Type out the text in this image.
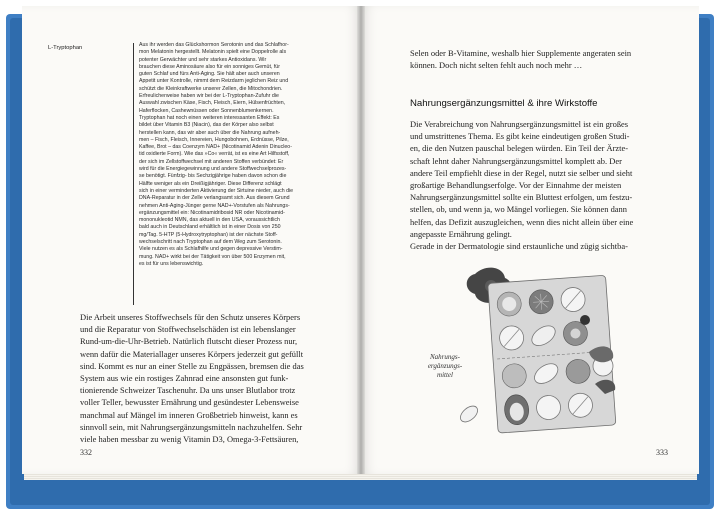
L-Tryptophan	Aus ihr werden das Glückshormon Serotonin und das Schlafhor-
mon Melatonin hergestellt. Melatonin spielt eine Doppelrolle als
potenter Gerwächter und sehr starkes Antioxidans. Wir
brauchen diese Aminosäure also für ein sonniges Gemüt, für
guten Schlaf und fürs Anti-Aging. Sie hält aber auch unseren
Appetit unter Kontrolle, nimmt dem Reizdarm jeglichen Reiz und
schützt die Kleinkraftwerke unserer Zellen, die Mitochondrien.
Erfreulicherweise haben wir bei der L-Tryptophan-Zufuhr die
Auswahl zwischen Käse, Fisch, Fleisch, Eiern, Hülsenfrüchten,
Haferflocken, Cashewnüssen oder Sonnenblumenkernen.
Tryptophan hat noch einen weiteren interessanten Effekt: Es
bildet über Vitamin B3 (Niacin), das der Körper also selbst
herstellen kann, das wir aber auch über die Nahrung aufneh-
men – Fisch, Fleisch, Innereien, Hungobohnen, Erdnüsse, Pilze,
Kaffee, Brot – das Coenzym NAD+ (Nicotinamid Adenin Dinucleo-
tid oxidierte Form). Wie das »Co« verrät, ist es eine Art Hilfsstoff,
der sich im Zellstoffwechsel mit anderen Stoffen verbündet: Er
wird für die Energiegewinnung und andere Stoffwechselprozes-
se benötigt. Fünfzig- bis Sechzigjährige haben davon schon die
Hälfte weniger als ein Dreißigjähriger. Diese Differenz schlägt
sich in einer verminderten Aktivierung der Sirtuine nieder, auch die
DNA-Reparatur in der Zelle verlangsamt sich. Aus diesem Grund
nehmen Anti-Aging-Jünger gerne NAD+-Vorstufen als Nahrungs-
ergänzungsmittel ein: Nicotinamidribosid NR oder Nicotinamid-
mononukleotid NMN, das aktuell in den USA, voraussichtlich
bald auch in Deutschland erhältlich ist in einer Dosis von 250
mg/Tag. 5-HTP (5-Hydroxytryptophan) ist der nächste Stoff-
wechselschritt nach Tryptophan auf dem Weg zum Serotonin.
Viele nutzen es als Schlafhilfe und gegen depressive Verstim-
mung. NAD+ wirkt bei der Tätigkeit von über 500 Enzymen mit,
es ist für uns lebenswichtig.
Die Arbeit unseres Stoffwechsels für den Schutz unseres Körpers
und die Reparatur von Stoffwechselschäden ist ein lebenslanger
Rund-um-die-Uhr-Betrieb. Natürlich flutscht dieser Prozess nur,
wenn dafür die Materiallager unseres Körpers jederzeit gut gefüllt
sind. Kommt es nur an einer Stelle zu Engpässen, bremsen die das
System aus wie ein rostiges Zahnrad eine ansonsten gut funk-
tionierende Schweizer Taschenuhr. Da uns unser Blutlabor trotz
voller Teller, bewusster Ernährung und gesündester Lebensweise
manchmal auf Mängel im inneren Großbetrieb hinweist, kann es
sinnvoll sein, mit Nahrungsergänzungsmitteln nachzuhelfen. Sehr
viele haben messbar zu wenig Vitamin D3, Omega-3-Fettsäuren,
332
Selen oder B-Vitamine, weshalb hier Supplemente angeraten sein
können. Doch nicht selten fehlt auch noch mehr …
Nahrungsergänzungsmittel & ihre Wirkstoffe
Die Verabreichung von Nahrungsergänzungsmittel ist ein großes
und umstrittenes Thema. Es gibt keine eindeutigen großen Studi-
en, die den Nutzen pauschal belegen würden. Ein Teil der Ärzte-
schaft lehnt daher Nahrungsergänzungsmittel komplett ab. Der
andere Teil empfiehlt diese in der Regel, nutzt sie selber und sieht
großartige Behandlungserfolge. Vor der Einnahme der meisten
Nahrungsergänzungsmittel sollte ein Bluttest erfolgen, um festzu-
stellen, ob, und wenn ja, wo Mängel vorliegen. Sie können dann
helfen, das Defizit auszugleichen, wenn dies nicht allein über eine
angepasste Ernährung gelingt.
Gerade in der Dermatologie sind erstaunliche und zügig sichtba-
Nahrungs-
ergänzungs-
mittel
333
